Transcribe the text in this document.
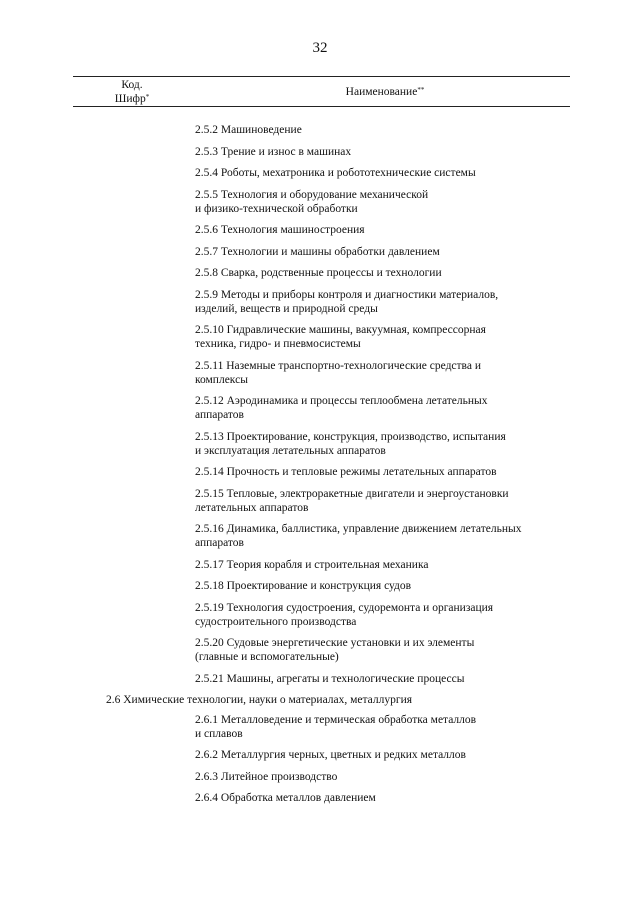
32
Код.
Шифр*	Наименование**
2.5.2 Машиноведение
2.5.3 Трение и износ в машинах
2.5.4 Роботы, мехатроника и робототехнические системы
2.5.5 Технология и оборудование механической
и физико-технической обработки
2.5.6 Технология машиностроения
2.5.7 Технологии и машины обработки давлением
2.5.8 Сварка, родственные процессы и технологии
2.5.9 Методы и приборы контроля и диагностики материалов,
изделий, веществ и природной среды
2.5.10 Гидравлические машины, вакуумная, компрессорная
техника, гидро- и пневмосистемы
2.5.11 Наземные транспортно-технологические средства и
комплексы
2.5.12 Аэродинамика и процессы теплообмена летательных
аппаратов
2.5.13 Проектирование, конструкция, производство, испытания
и эксплуатация летательных аппаратов
2.5.14 Прочность и тепловые режимы летательных аппаратов
2.5.15 Тепловые, электроракетные двигатели и энергоустановки
летательных аппаратов
2.5.16 Динамика, баллистика, управление движением летательных
аппаратов
2.5.17 Теория корабля и строительная механика
2.5.18 Проектирование и конструкция судов
2.5.19 Технология судостроения, судоремонта и организация
судостроительного производства
2.5.20 Судовые энергетические установки и их элементы
(главные и вспомогательные)
2.5.21 Машины, агрегаты и технологические процессы
2.6 Химические технологии, науки о материалах, металлургия
2.6.1 Металловедение и термическая обработка металлов
и сплавов
2.6.2 Металлургия черных, цветных и редких металлов
2.6.3 Литейное производство
2.6.4 Обработка металлов давлением
